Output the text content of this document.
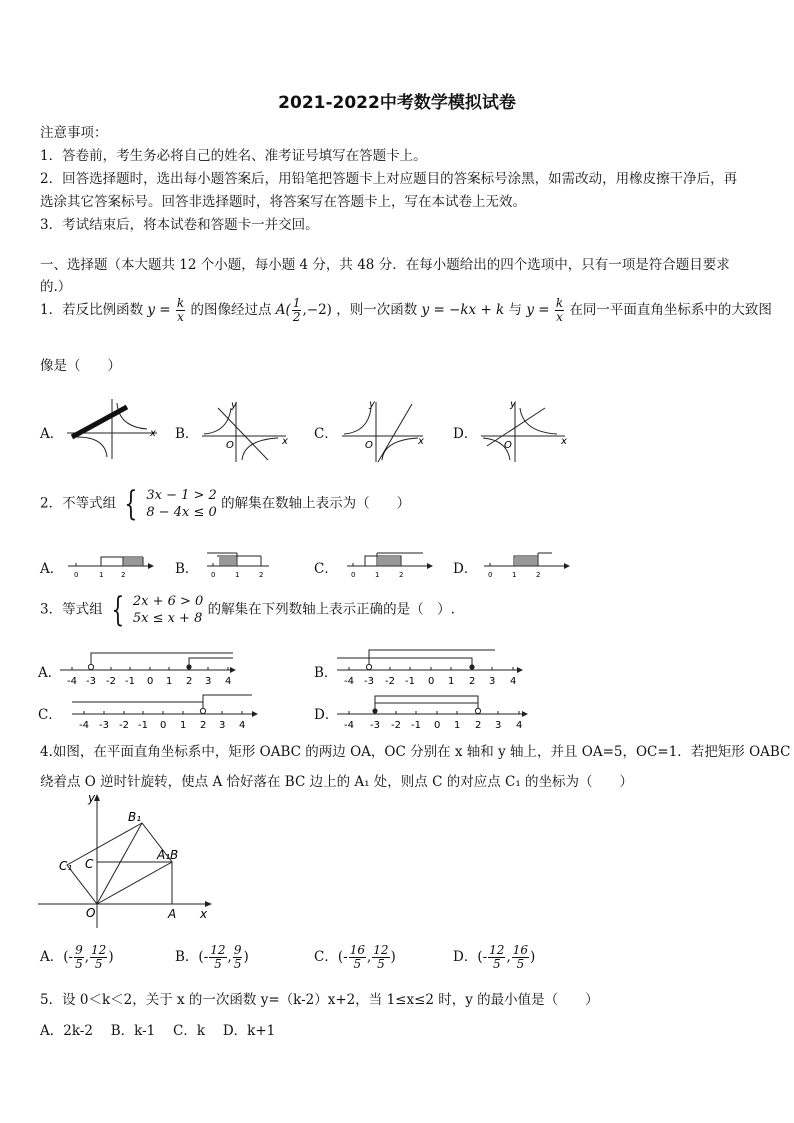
2021-2022中考数学模拟试卷
注意事项：
1．答卷前，考生务必将自己的姓名、准考证号填写在答题卡上。
2．回答选择题时，选出每小题答案后，用铅笔把答题卡上对应题目的答案标号涂黑，如需改动，用橡皮擦干净后，再
选涂其它答案标号。回答非选择题时，将答案写在答题卡上，写在本试卷上无效。
3．考试结束后，将本试卷和答题卡一并交回。
一、选择题（本大题共 12 个小题，每小题 4 分，共 48 分．在每小题给出的四个选项中，只有一项是符合题目要求
的.）
1．若反比例函数 $y = \frac{k}{x}$ 的图像经过点 $A( \frac{1}{2} ,-2)$ ，则一次函数 y = −kx + k 与 $y = \frac{k}{x}$ 在同一平面直角坐标系中的大致图
像是（　　）
A．	x B．
y
x
O
C．
y
x
O
D．
y
x
O
2．不等式组 { 3x − 1 > 2
8 − 4x ≤ 0
的解集在数轴上表示为（　　）
A． 0	1	2	B． 0	1	2	C． 0	1	2	D． 0	1	2
3．等式组 { 2x + 6 > 0
5x ≤ x + 8
的解集在下列数轴上表示正确的是（　）.
A．
-4 -3 -2 -1 0 1 2 3 4
B．
-4 -3 -2 -1 0 1 2 3 4
C．
-4 -3 -2 -1 0 1 2 3 4
D．
-4 -3 -2 -1 0 1 2 3 4
4.如图，在平面直角坐标系中，矩形 OABC 的两边 OA，OC 分别在 x 轴和 y 轴上，并且 OA=5，OC=1．若把矩形 OABC
绕着点 O 逆时针旋转，使点 A 恰好落在 BC 边上的 A₁ 处，则点 C 的对应点 C₁ 的坐标为（　　）
y
x
O	A
B
A₁
C
C₁
B₁
A．(- $\frac{9}{5}$ , $\frac{12}{5}$ )	B．(- $\frac{12}{5}$ , $\frac{9}{5}$ )	C．(- $\frac{16}{5}$ , $\frac{12}{5}$ )	D．(- $\frac{12}{5}$ , $\frac{16}{5}$ )
5．设 0＜k＜2，关于 x 的一次函数 y=（k-2）x+2，当 1≤x≤2 时，y 的最小值是（　　）
A．2k-2　 B．k-1　 C．k　 D．k+1
